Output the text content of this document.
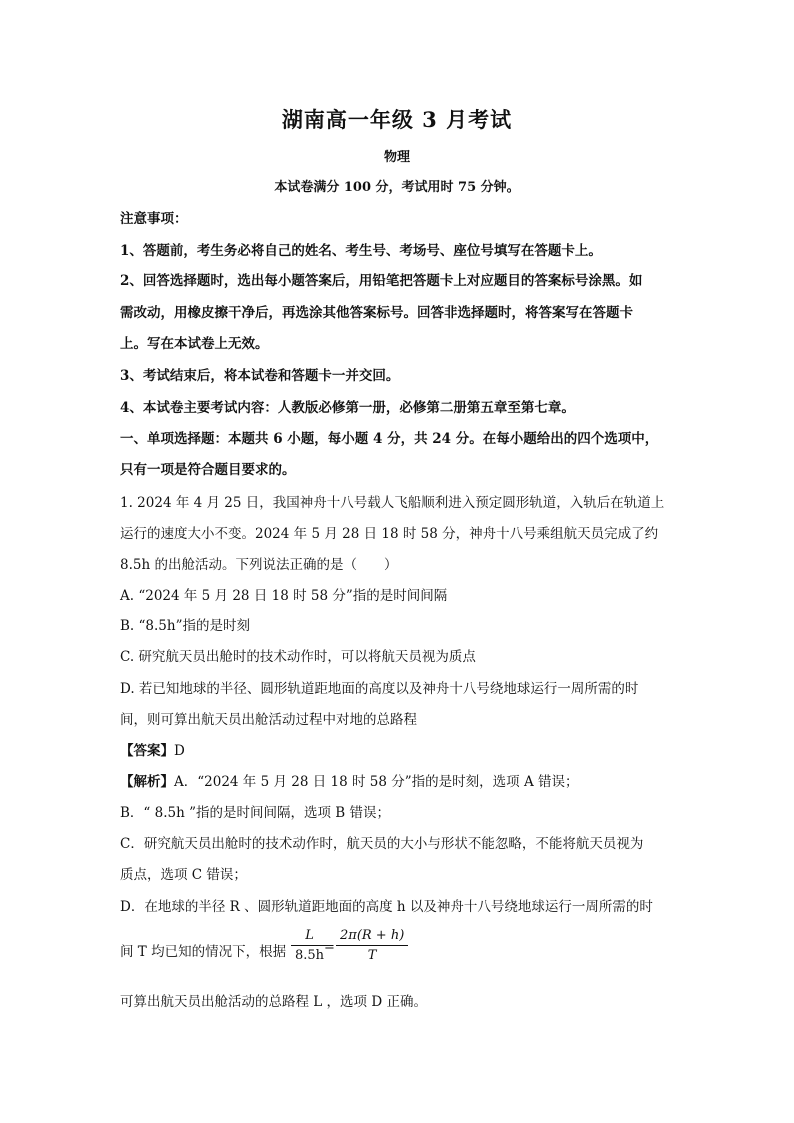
湖南高一年级 3 月考试
物理
本试卷满分 100 分，考试用时 75 分钟。
注意事项：
1、答题前，考生务必将自己的姓名、考生号、考场号、座位号填写在答题卡上。
2、回答选择题时，选出每小题答案后，用铅笔把答题卡上对应题目的答案标号涂黑。如
需改动，用橡皮擦干净后，再选涂其他答案标号。回答非选择题时，将答案写在答题卡
上。写在本试卷上无效。
3、考试结束后，将本试卷和答题卡一并交回。
4、本试卷主要考试内容：人教版必修第一册，必修第二册第五章至第七章。
一、单项选择题：本题共 6 小题，每小题 4 分，共 24 分。在每小题给出的四个选项中，
只有一项是符合题目要求的。
1. 2024 年 4 月 25 日，我国神舟十八号载人飞船顺利进入预定圆形轨道，入轨后在轨道上
运行的速度大小不变。2024 年 5 月 28 日 18 时 58 分，神舟十八号乘组航天员完成了约
8.5h 的出舱活动。下列说法正确的是（　　）
A. “2024 年 5 月 28 日 18 时 58 分”指的是时间间隔
B. “8.5h”指的是时刻
C. 研究航天员出舱时的技术动作时，可以将航天员视为质点
D. 若已知地球的半径、圆形轨道距地面的高度以及神舟十八号绕地球运行一周所需的时
间，则可算出航天员出舱活动过程中对地的总路程
【答案】D
【解析】A．“2024 年 5 月 28 日 18 时 58 分”指的是时刻，选项 A 错误；
B．“ 8.5h ”指的是时间间隔，选项 B 错误；
C．研究航天员出舱时的技术动作时，航天员的大小与形状不能忽略，不能将航天员视为
质点，选项 C 错误；
D．在地球的半径 R 、圆形轨道距地面的高度 h 以及神舟十八号绕地球运行一周所需的时
间 T 均已知的情况下，根据
L
8.5h
=
2π(R + h)
T
可算出航天员出舱活动的总路程 L ，选项 D 正确。
